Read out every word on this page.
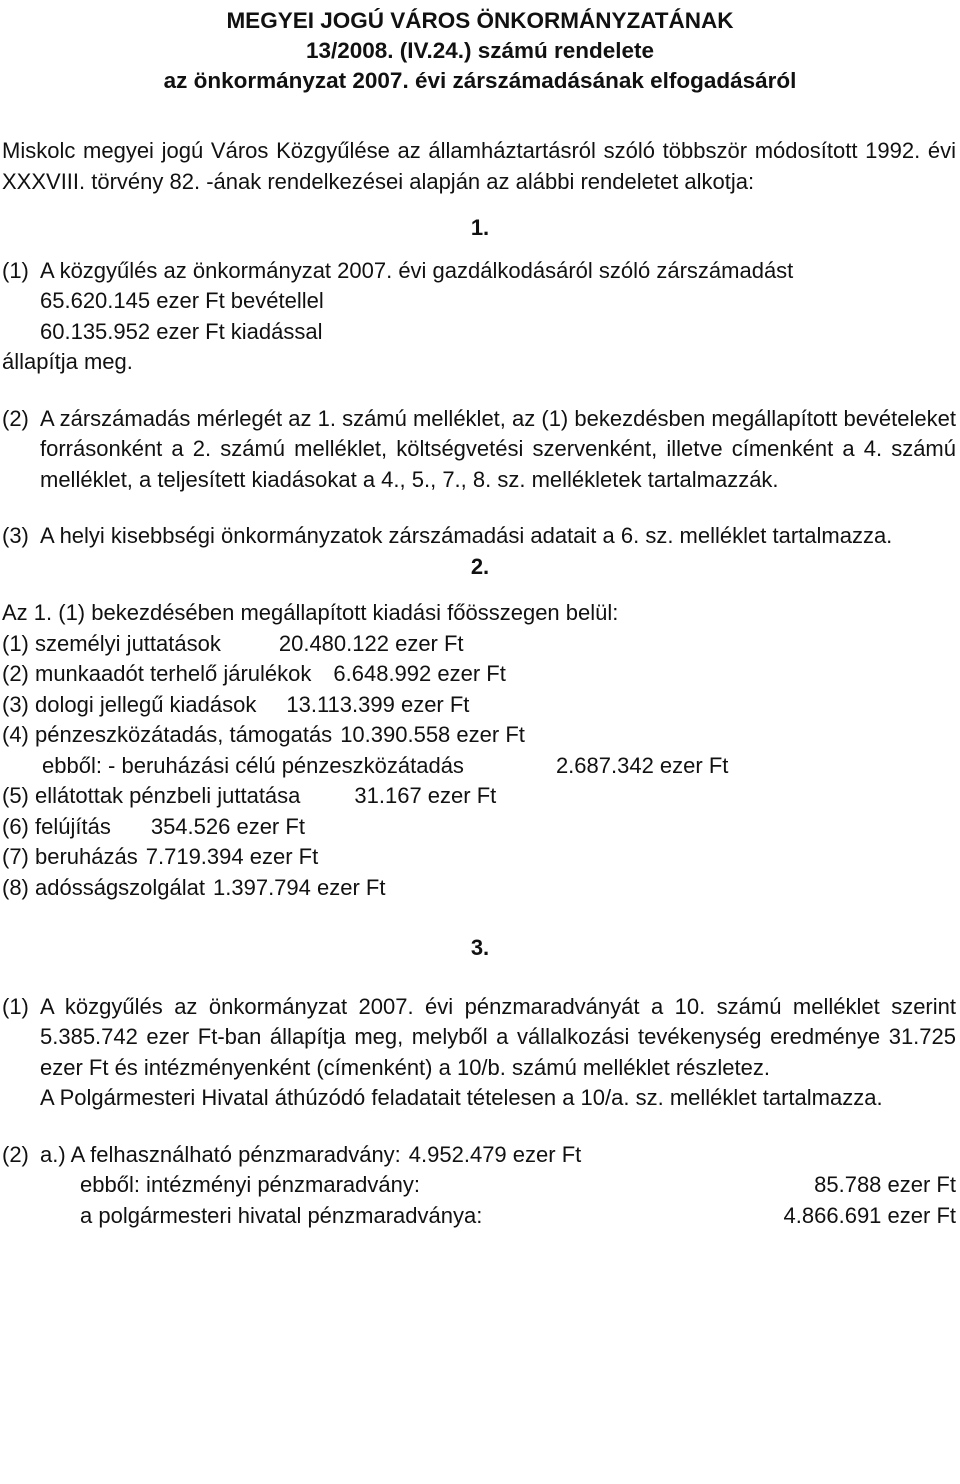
MEGYEI JOGÚ VÁROS ÖNKORMÁNYZATÁNAK
13/2008. (IV.24.) számú rendelete
az önkormányzat 2007. évi zárszámadásának elfogadásáról
Miskolc megyei jogú Város Közgyűlése az államháztartásról szóló többször módosított 1992. évi XXXVIII. törvény 82. -ának rendelkezései alapján az alábbi rendeletet alkotja:
1.
(1) A közgyűlés az önkormányzat 2007. évi gazdálkodásáról szóló zárszámadást
65.620.145 ezer Ft bevétellel
60.135.952 ezer Ft kiadással
állapítja meg.
(2) A zárszámadás mérlegét az 1. számú melléklet, az (1) bekezdésben megállapított bevételeket forrásonként a 2. számú melléklet, költségvetési szervenként, illetve címenként a 4. számú melléklet, a teljesített kiadásokat a 4., 5., 7., 8. sz. mellékletek tartalmazzák.
(3) A helyi kisebbségi önkormányzatok zárszámadási adatait a 6. sz. melléklet tartalmazza.
2.
Az 1. (1) bekezdésében megállapított kiadási főösszegen belül:
(1) személyi juttatások	20.480.122 ezer Ft
(2) munkaadót terhelő járulékok 6.648.992 ezer Ft
(3) dologi jellegű kiadások 13.113.399 ezer Ft
(4) pénzeszközátadás, támogatás 10.390.558 ezer Ft
ebből: - beruházási célú pénzeszközátadás	2.687.342 ezer Ft
(5) ellátottak pénzbeli juttatása 31.167 ezer Ft
(6) felújítás 354.526 ezer Ft
(7) beruházás 7.719.394 ezer Ft
(8) adósságszolgálat 1.397.794 ezer Ft
3.
(1) A közgyűlés az önkormányzat 2007. évi pénzmaradványát a 10. számú melléklet szerint 5.385.742 ezer Ft-ban állapítja meg, melyből a vállalkozási tevékenység eredménye 31.725 ezer Ft és intézményenként (címenként) a 10/b. számú melléklet részletez.
A Polgármesteri Hivatal áthúzódó feladatait tételesen a 10/a. sz. melléklet tartalmazza.
(2) a.) A felhasználható pénzmaradvány: 4.952.479 ezer Ft
ebből: intézményi pénzmaradvány:	85.788 ezer Ft
a polgármesteri hivatal pénzmaradványa:	4.866.691 ezer Ft
